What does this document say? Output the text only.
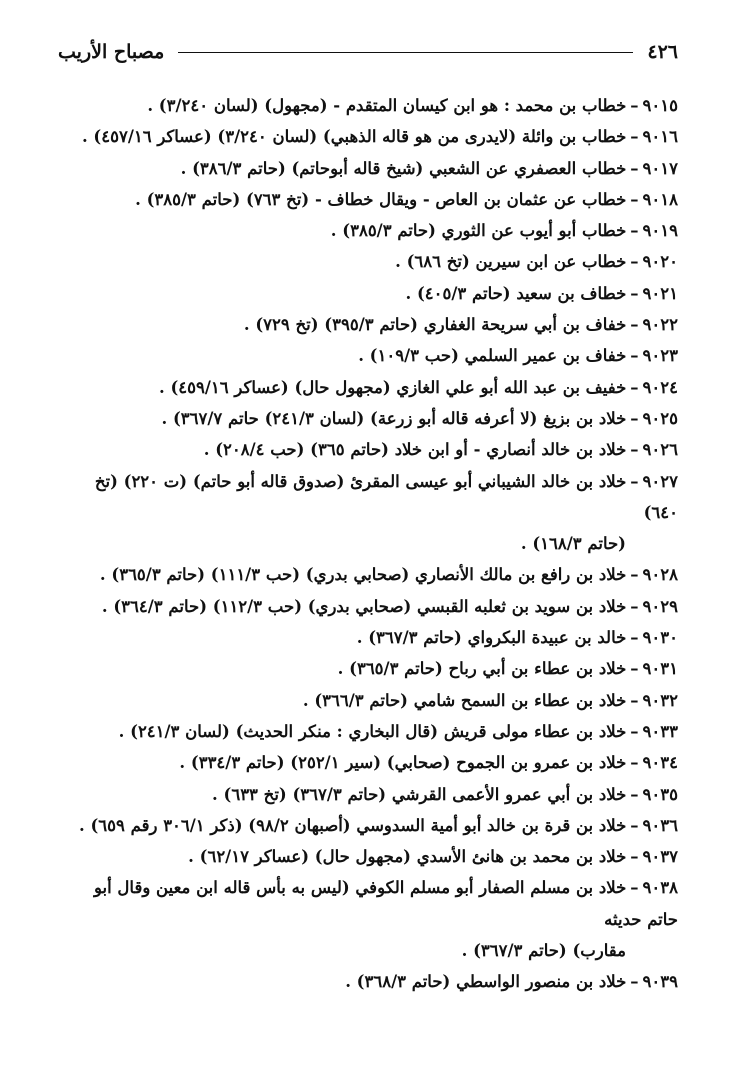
٤٢٦
مصباح الأريب
٩٠١٥–خطاب بن محمد : هو ابن كيسان المتقدم - (مجهول) (لسان ٣/٢٤٠) .
٩٠١٦–خطاب بن وائلة (لايدرى من هو قاله الذهبي) (لسان ٣/٢٤٠) (عساكر ٤٥٧/١٦) .
٩٠١٧–خطاب العصفري عن الشعبي (شيخ قاله أبوحاتم) (حاتم ٣٨٦/٣) .
٩٠١٨–خطاب عن عثمان بن العاص - ويقال خطاف - (تخ ٧٦٣) (حاتم ٣٨٥/٣) .
٩٠١٩–خطاب أبو أيوب عن الثوري (حاتم ٣٨٥/٣) .
٩٠٢٠–خطاب عن ابن سيرين (تخ ٦٨٦) .
٩٠٢١–خطاف بن سعيد (حاتم ٤٠٥/٣) .
٩٠٢٢–خفاف بن أبي سريحة الغفاري (حاتم ٣٩٥/٣) (تخ ٧٢٩) .
٩٠٢٣–خفاف بن عمير السلمي (حب ١٠٩/٣) .
٩٠٢٤–خفيف بن عبد الله أبو علي الغازي (مجهول حال) (عساكر ٤٥٩/١٦) .
٩٠٢٥–خلاد بن بزيغ (لا أعرفه قاله أبو زرعة) (لسان ٢٤١/٣) حاتم ٣٦٧/٧) .
٩٠٢٦–خلاد بن خالد أنصاري - أو ابن خلاد (حاتم ٣٦٥) (حب ٢٠٨/٤) .
٩٠٢٧–خلاد بن خالد الشيباني أبو عيسى المقرئ (صدوق قاله أبو حاتم) (ت ٢٢٠) (تخ ٦٤٠)
(حاتم ١٦٨/٣) .
٩٠٢٨–خلاد بن رافع بن مالك الأنصاري (صحابي بدري) (حب ١١١/٣) (حاتم ٣٦٥/٣) .
٩٠٢٩–خلاد بن سويد بن ثعلبه القبسي (صحابي بدري) (حب ١١٢/٣) (حاتم ٣٦٤/٣) .
٩٠٣٠–خالد بن عبيدة البكرواي (حاتم ٣٦٧/٣) .
٩٠٣١–خلاد بن عطاء بن أبي رباح (حاتم ٣٦٥/٣) .
٩٠٣٢–خلاد بن عطاء بن السمح شامي (حاتم ٣٦٦/٣) .
٩٠٣٣–خلاد بن عطاء مولى قريش (قال البخاري : منكر الحديث) (لسان ٢٤١/٣) .
٩٠٣٤–خلاد بن عمرو بن الجموح (صحابي) (سير ٢٥٢/١) (حاتم ٣٣٤/٣) .
٩٠٣٥–خلاد بن أبي عمرو الأعمى القرشي (حاتم ٣٦٧/٣) (تخ ٦٣٣) .
٩٠٣٦–خلاد بن قرة بن خالد أبو أمية السدوسي (أصبهان ٩٨/٢) (ذكر ٣٠٦/١ رقم ٦٥٩) .
٩٠٣٧–خلاد بن محمد بن هانئ الأسدي (مجهول حال) (عساكر ٦٢/١٧) .
٩٠٣٨–خلاد بن مسلم الصفار أبو مسلم الكوفي (ليس به بأس قاله ابن معين وقال أبو حاتم حديثه
مقارب) (حاتم ٣٦٧/٣) .
٩٠٣٩–خلاد بن منصور الواسطي (حاتم ٣٦٨/٣) .
